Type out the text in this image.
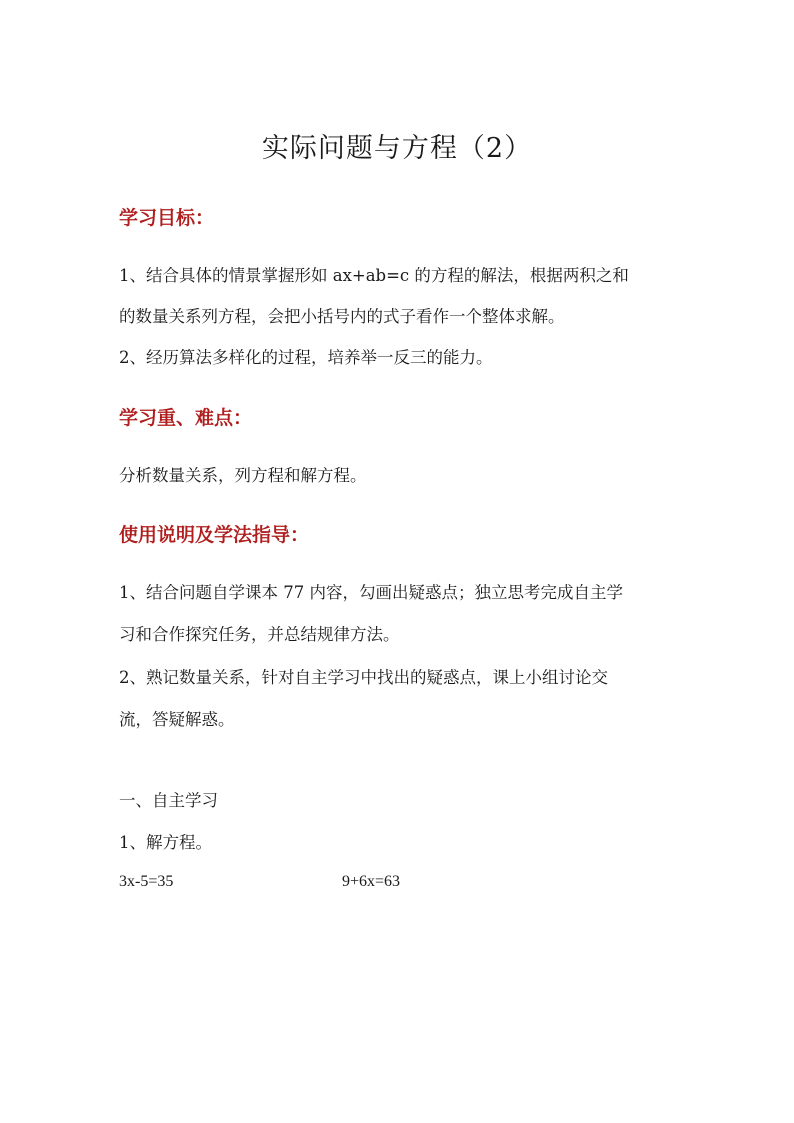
实际问题与方程（2）
学习目标：
1、结合具体的情景掌握形如 ax+ab=c 的方程的解法，根据两积之和
的数量关系列方程，会把小括号内的式子看作一个整体求解。
2、经历算法多样化的过程，培养举一反三的能力。
学习重、难点：
分析数量关系，列方程和解方程。
使用说明及学法指导：
1、结合问题自学课本 77 内容，勾画出疑惑点；独立思考完成自主学
习和合作探究任务，并总结规律方法。
2、熟记数量关系，针对自主学习中找出的疑惑点，课上小组讨论交
流，答疑解惑。
一、自主学习
1、解方程。
3x-5=35	9+6x=63
